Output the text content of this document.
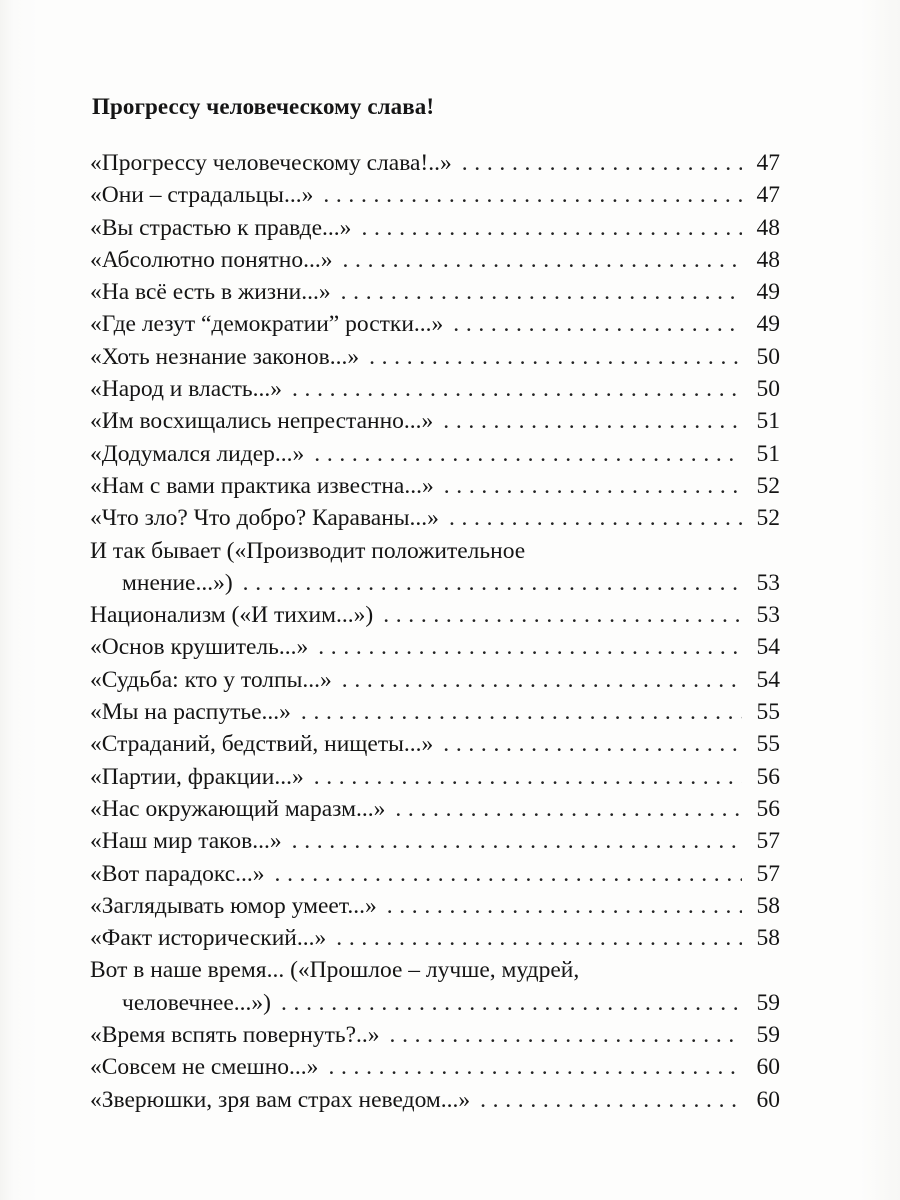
Прогрессу человеческому слава!
«Прогрессу человеческому слава!..» . . .	47
«Они – страдальцы...» . . .	47
«Вы страстью к правде...» . . .	48
«Абсолютно понятно...» . . .	48
«На всё есть в жизни...» . . .	49
«Где лезут “демократии” ростки...» . . .	49
«Хоть незнание законов...» . . .	50
«Народ и власть...» . . .	50
«Им восхищались непрестанно...» . . .	51
«Додумался лидер...» . . .	51
«Нам с вами практика известна...» . . .	52
«Что зло? Что добро? Караваны...» . . .	52
И так бывает («Производит положительное
мнение...») . . .	53
Национализм («И тихим...») . . .	53
«Основ крушитель...» . . .	54
«Судьба: кто у толпы...» . . .	54
«Мы на распутье...» . . .	55
«Страданий, бедствий, нищеты...» . . .	55
«Партии, фракции...» . . .	56
«Нас окружающий маразм...» . . .	56
«Наш мир таков...» . . .	57
«Вот парадокс...» . . .	57
«Заглядывать юмор умеет...» . . .	58
«Факт исторический...» . . .	58
Вот в наше время... («Прошлое – лучше, мудрей,
человечнее...») . . .	59
«Время вспять повернуть?..» . . .	59
«Совсем не смешно...» . . .	60
«Зверюшки, зря вам страх неведом...» . . .	60
